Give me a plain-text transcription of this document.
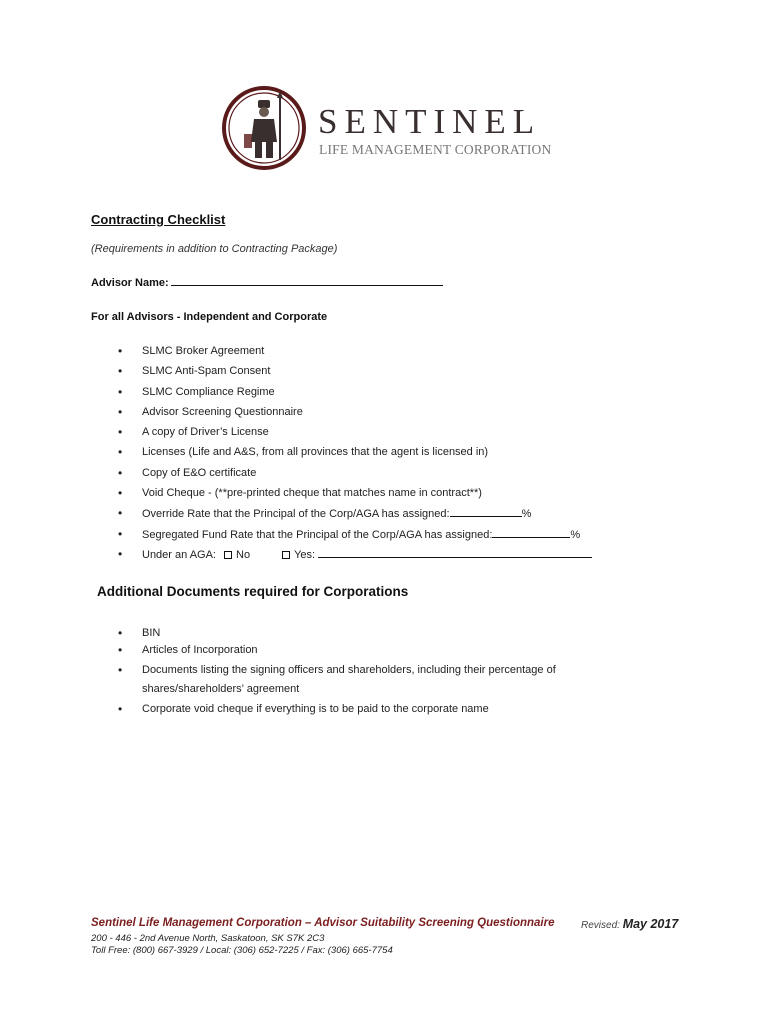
SENTINEL
LIFE MANAGEMENT CORPORATION
Contracting Checklist
(Requirements in addition to Contracting Package)
Advisor Name:
For all Advisors - Independent and Corporate
• SLMC Broker Agreement
• SLMC Anti-Spam Consent
• SLMC Compliance Regime
• Advisor Screening Questionnaire
• A copy of Driver’s License
• Licenses (Life and A&S, from all provinces that the agent is licensed in)
• Copy of E&O certificate
• Void Cheque - (**pre-printed cheque that matches name in contract**)
• Override Rate that the Principal of the Corp/AGA has assigned:	%
• Segregated Fund Rate that the Principal of the Corp/AGA has assigned:	%
• Under an AGA: No	Yes:
Additional Documents required for Corporations
• BIN
• Articles of Incorporation
• Documents listing the signing officers and shareholders, including their percentage of
shares/shareholders’ agreement
• Corporate void cheque if everything is to be paid to the corporate name
Sentinel Life Management Corporation – Advisor Suitability Screening Questionnaire	Revised: May 2017
200 - 446 - 2nd Avenue North, Saskatoon, SK S7K 2C3
Toll Free: (800) 667-3929 / Local: (306) 652-7225 / Fax: (306) 665-7754
